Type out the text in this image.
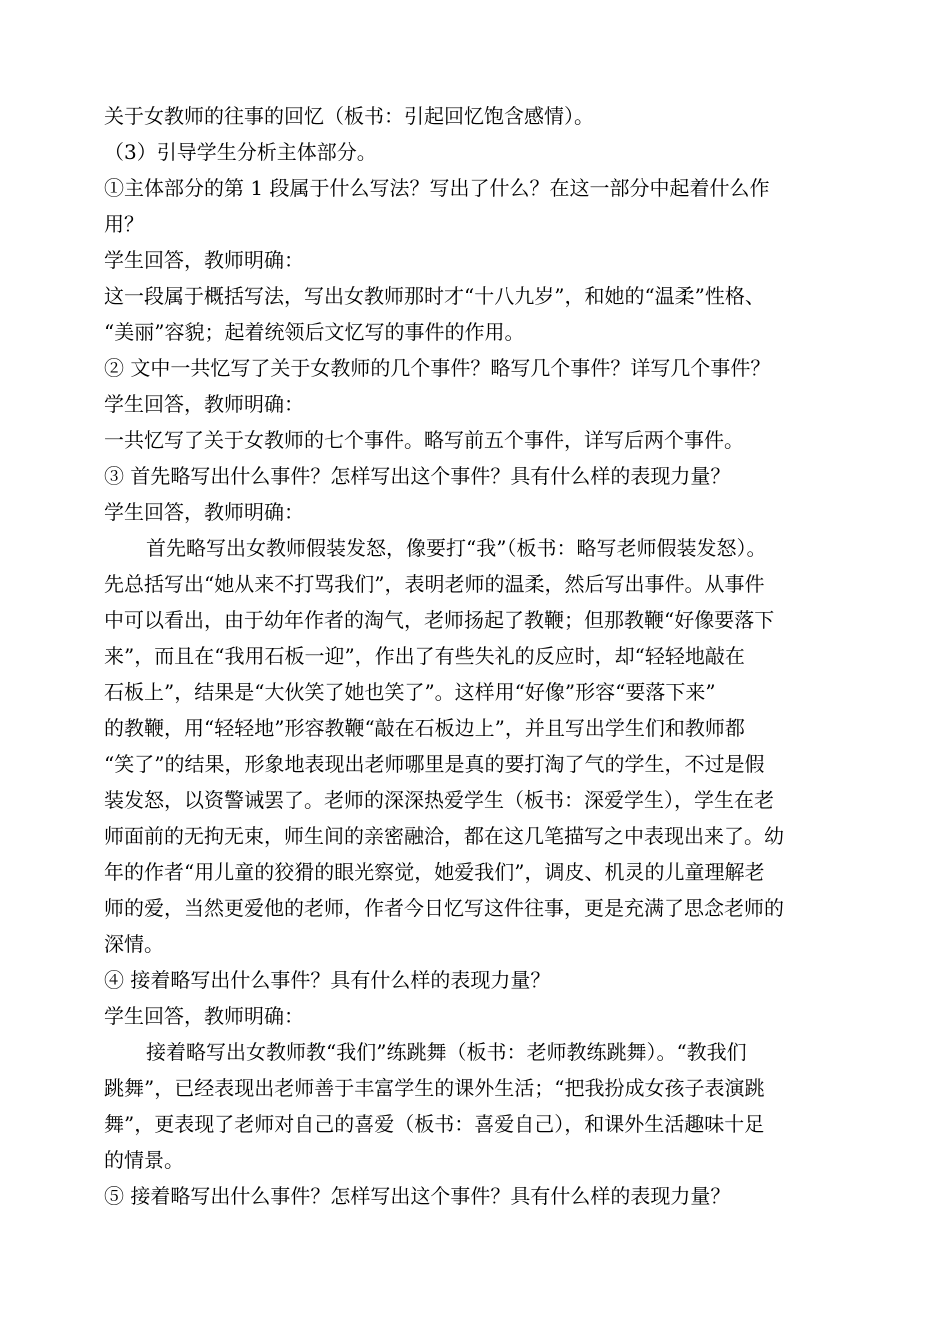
关于女教师的往事的回忆（板书：引起回忆饱含感情）。
（3）引导学生分析主体部分。
①主体部分的第 1 段属于什么写法？写出了什么？在这一部分中起着什么作
用？
学生回答，教师明确：
这一段属于概括写法，写出女教师那时才“十八九岁”，和她的“温柔”性格、
“美丽”容貌；起着统领后文忆写的事件的作用。
② 文中一共忆写了关于女教师的几个事件？略写几个事件？详写几个事件？
学生回答，教师明确：
一共忆写了关于女教师的七个事件。略写前五个事件，详写后两个事件。
③ 首先略写出什么事件？怎样写出这个事件？具有什么样的表现力量？
学生回答，教师明确：
首先略写出女教师假装发怒，像要打“我”（板书：略写老师假装发怒）。
先总括写出“她从来不打骂我们”，表明老师的温柔，然后写出事件。从事件
中可以看出，由于幼年作者的淘气，老师扬起了教鞭；但那教鞭“好像要落下
来”，而且在“我用石板一迎”，作出了有些失礼的反应时，却“轻轻地敲在
石板上”，结果是“大伙笑了她也笑了”。这样用“好像”形容“要落下来”
的教鞭，用“轻轻地”形容教鞭“敲在石板边上”，并且写出学生们和教师都
“笑了”的结果，形象地表现出老师哪里是真的要打淘了气的学生，不过是假
装发怒，以资警诫罢了。老师的深深热爱学生（板书：深爱学生），学生在老
师面前的无拘无束，师生间的亲密融洽，都在这几笔描写之中表现出来了。幼
年的作者“用儿童的狡猾的眼光察觉，她爱我们”，调皮、机灵的儿童理解老
师的爱，当然更爱他的老师，作者今日忆写这件往事，更是充满了思念老师的
深情。
④ 接着略写出什么事件？具有什么样的表现力量？
学生回答，教师明确：
接着略写出女教师教“我们”练跳舞（板书：老师教练跳舞）。“教我们
跳舞”，已经表现出老师善于丰富学生的课外生活；“把我扮成女孩子表演跳
舞”，更表现了老师对自己的喜爱（板书：喜爱自己），和课外生活趣味十足
的情景。
⑤ 接着略写出什么事件？怎样写出这个事件？具有什么样的表现力量？
